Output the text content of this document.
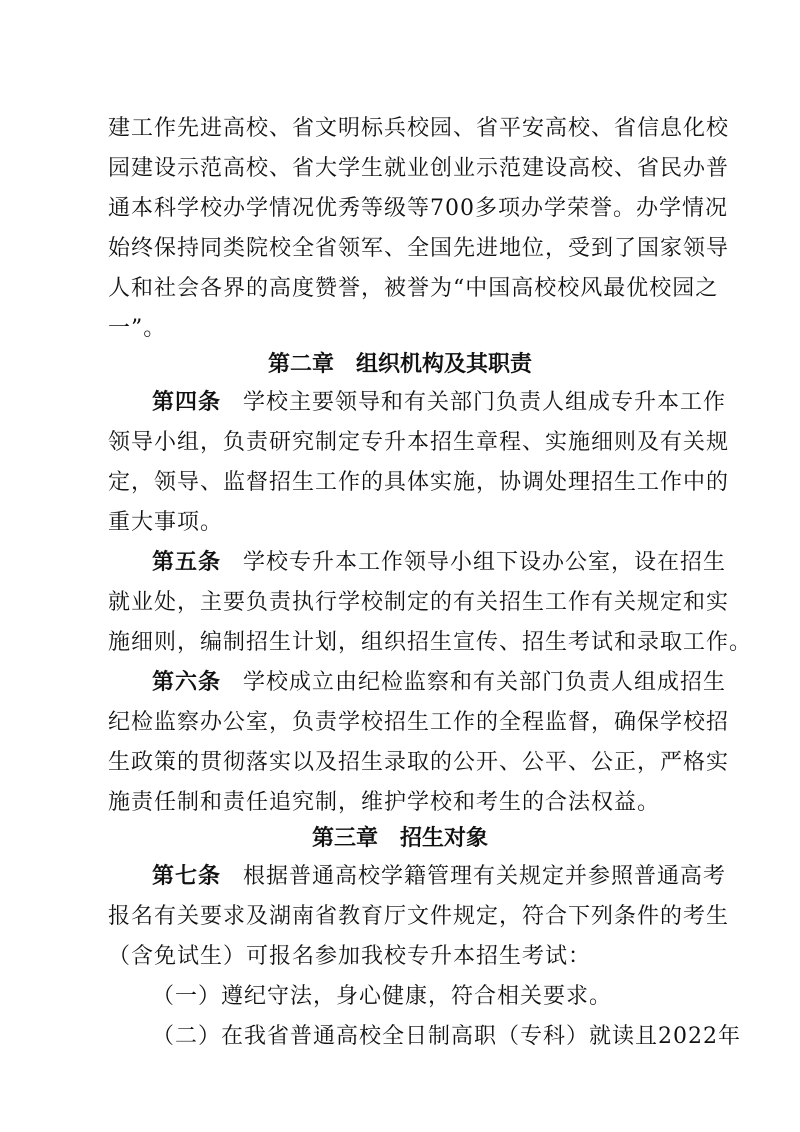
建工作先进高校、省文明标兵校园、省平安高校、省信息化校
园建设示范高校、省大学生就业创业示范建设高校、省民办普
通本科学校办学情况优秀等级等700多项办学荣誉。办学情况
始终保持同类院校全省领军、全国先进地位，受到了国家领导
人和社会各界的高度赞誉，被誉为“中国高校校风最优校园之
一”。
第二章 组织机构及其职责
第四条 学校主要领导和有关部门负责人组成专升本工作
领导小组，负责研究制定专升本招生章程、实施细则及有关规
定，领导、监督招生工作的具体实施，协调处理招生工作中的
重大事项。
第五条 学校专升本工作领导小组下设办公室，设在招生
就业处，主要负责执行学校制定的有关招生工作有关规定和实
施细则，编制招生计划，组织招生宣传、招生考试和录取工作。
第六条 学校成立由纪检监察和有关部门负责人组成招生
纪检监察办公室，负责学校招生工作的全程监督，确保学校招
生政策的贯彻落实以及招生录取的公开、公平、公正，严格实
施责任制和责任追究制，维护学校和考生的合法权益。
第三章 招生对象
第七条 根据普通高校学籍管理有关规定并参照普通高考
报名有关要求及湖南省教育厅文件规定，符合下列条件的考生
（含免试生）可报名参加我校专升本招生考试：
（一）遵纪守法，身心健康，符合相关要求。
（二）在我省普通高校全日制高职（专科）就读且2022年
